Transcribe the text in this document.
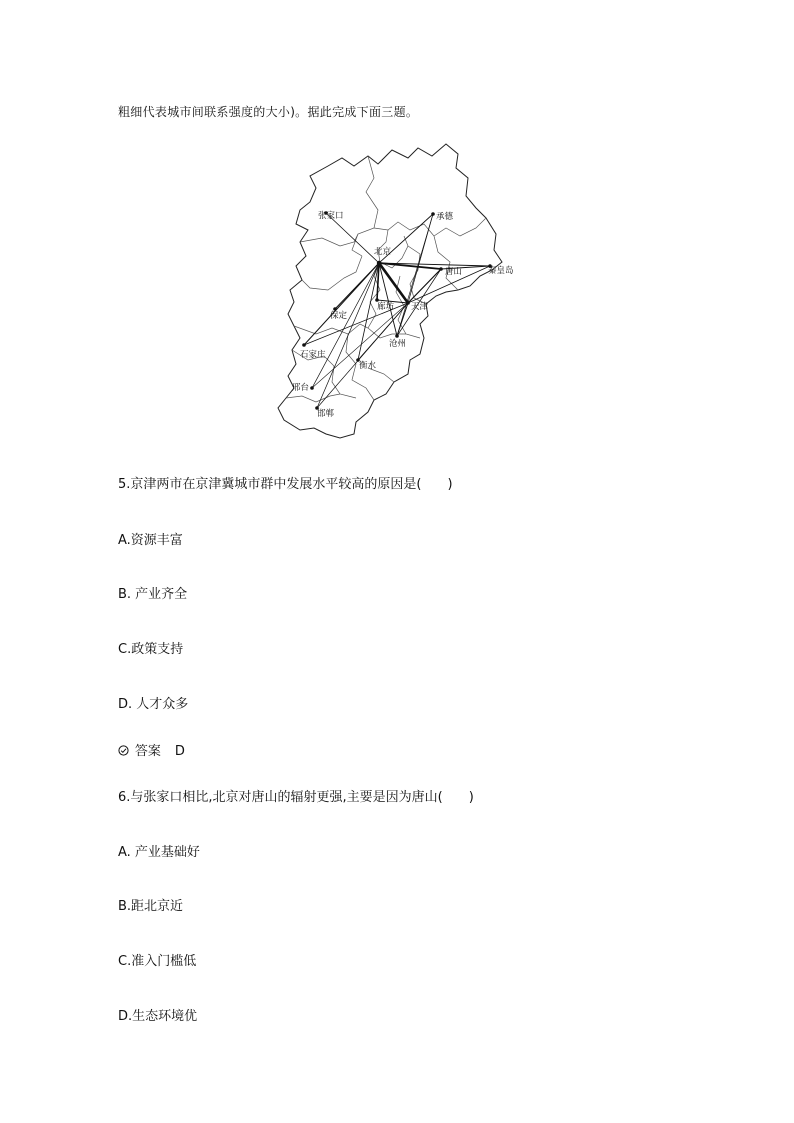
粗细代表城市间联系强度的大小)。据此完成下面三题。
张家口	承德
北京
唐山	秦皇岛
廊坊 天津
保定
石家庄
沧州
衡水
邢台
邯郸
5.京津两市在京津冀城市群中发展水平较高的原因是(　　)
A.资源丰富
B. 产业齐全
C.政策支持
D. 人才众多
答案 D
6.与张家口相比,北京对唐山的辐射更强,主要是因为唐山(　　)
A. 产业基础好
B.距北京近
C.准入门槛低
D.生态环境优
